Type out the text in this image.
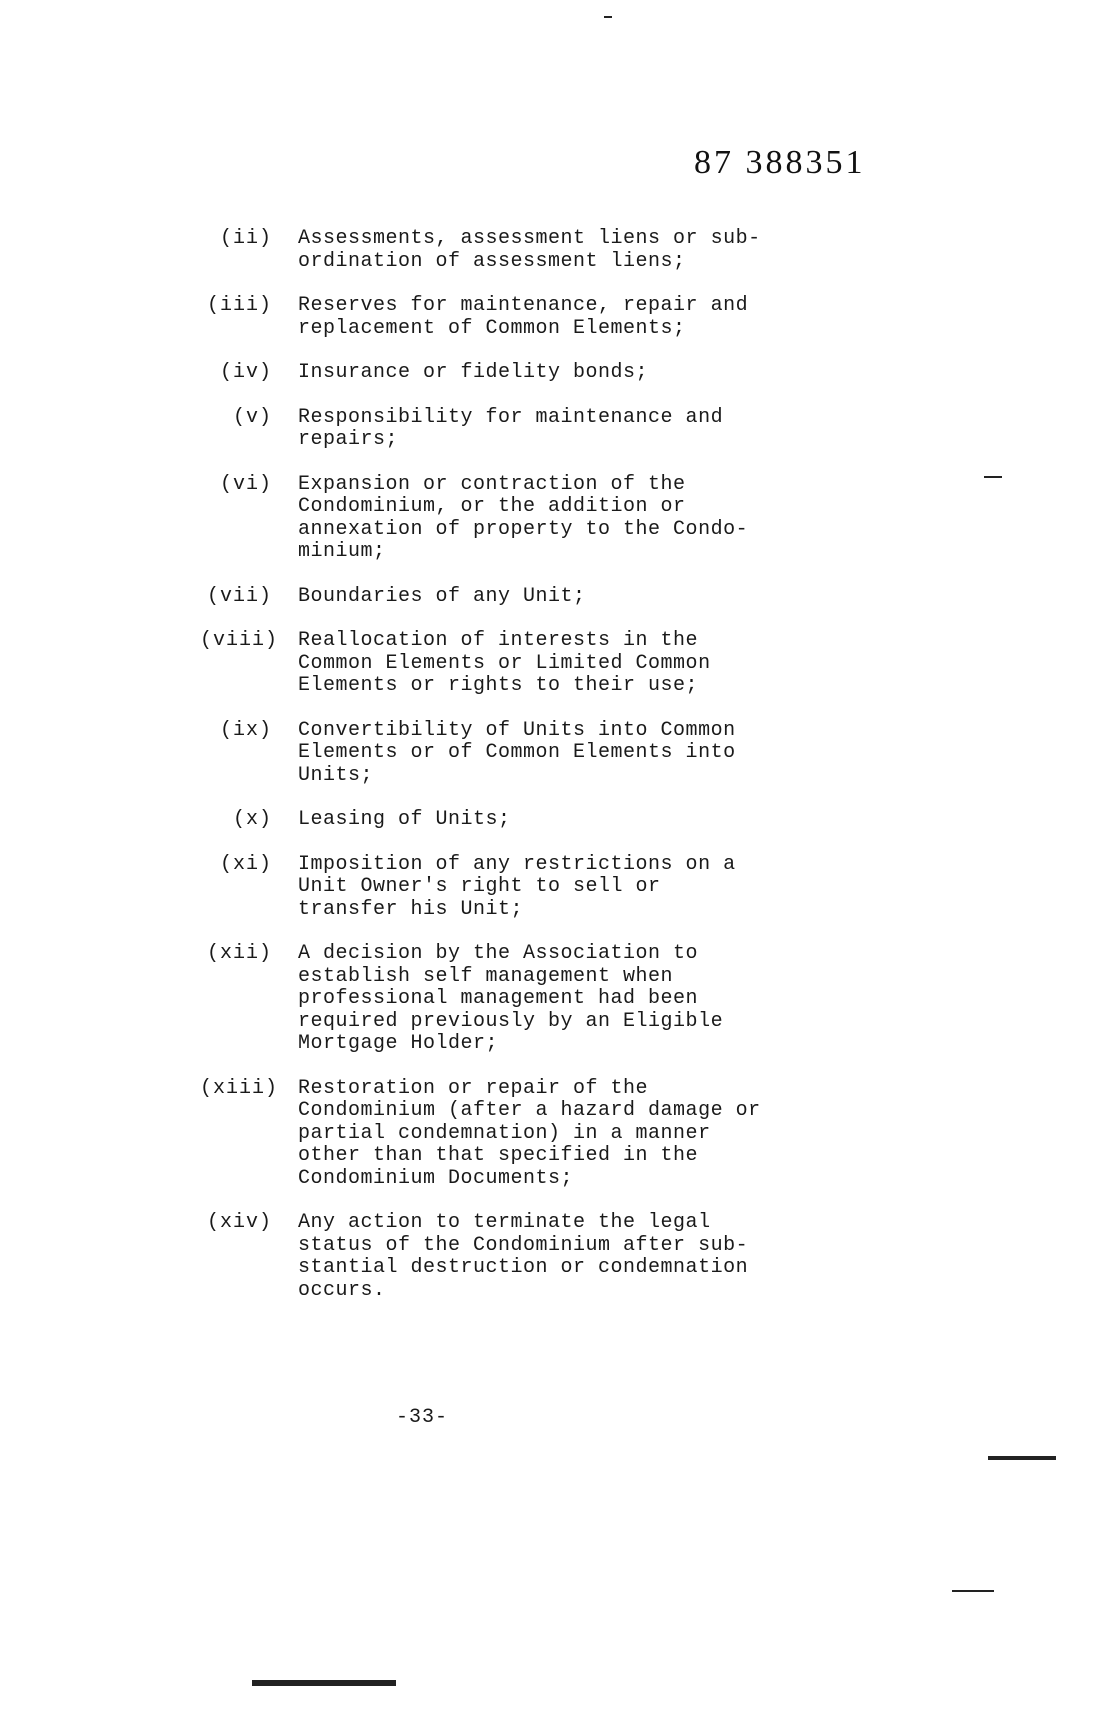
87 388351
(ii)	Assessments, assessment liens or sub-
ordination of assessment liens;
(iii)	Reserves for maintenance, repair and
replacement of Common Elements;
(iv)	Insurance or fidelity bonds;
(v)	Responsibility for maintenance and
repairs;
(vi)	Expansion or contraction of the
Condominium, or the addition or
annexation of property to the Condo-
minium;
(vii)	Boundaries of any Unit;
(viii) Reallocation of interests in the
Common Elements or Limited Common
Elements or rights to their use;
(ix)	Convertibility of Units into Common
Elements or of Common Elements into
Units;
(x)	Leasing of Units;
(xi)	Imposition of any restrictions on a
Unit Owner's right to sell or
transfer his Unit;
(xii)	A decision by the Association to
establish self management when
professional management had been
required previously by an Eligible
Mortgage Holder;
(xiii) Restoration or repair of the
Condominium (after a hazard damage or
partial condemnation) in a manner
other than that specified in the
Condominium Documents;
(xiv)	Any action to terminate the legal
status of the Condominium after sub-
stantial destruction or condemnation
occurs.
-33-
